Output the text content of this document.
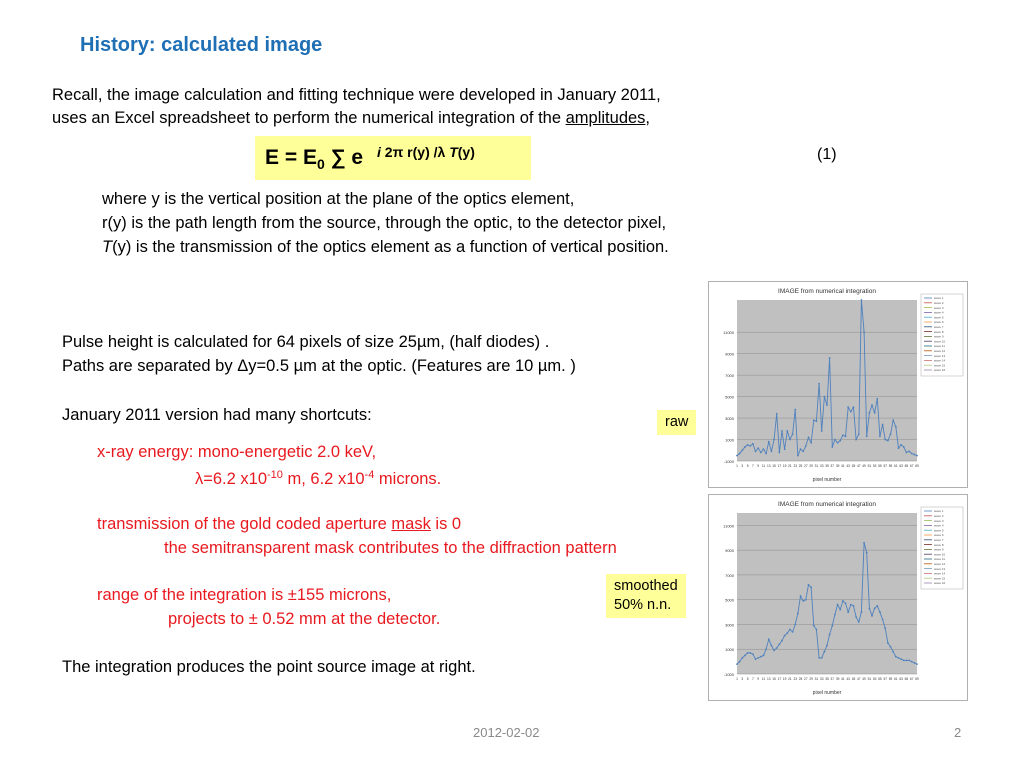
History: calculated image
Recall, the image calculation and fitting technique were developed in January 2011,
uses an Excel spreadsheet to perform the numerical integration of the amplitudes,
$E = E_0$ ∑ e i 2π r(y) /λ T(y)	(1)
where y is the vertical position at the plane of the optics element,
r(y) is the path length from the source, through the optic, to the detector pixel,
T(y) is the transmission of the optics element as a function of vertical position.
Pulse height is calculated for 64 pixels of size 25µm, (half diodes) .
Paths are separated by Δy=0.5 µm at the optic. (Features are 10 µm. )
January 2011 version had many shortcuts:
x-ray energy: mono-energetic 2.0 keV,
λ=6.2 $x10^{-10}$ m, 6.2 $x10^{-4}$ microns.
transmission of the gold coded aperture mask is 0
the semitransparent mask contributes to the diffraction pattern
range of the integration is ±155 microns,
projects to ± 0.52 mm at the detector.
The integration produces the point source image at right.
raw
smoothed
50% n.n.
IMAGE from numerical integration
-1000
1000
3000
5000
7000
9000
11000
1 3 5 7 9 11 13 15 17 19 21 23 25 27 29 31 33 35 37 39 41 43 45 47 49 51 53 55 57 59 61 63 65 67 69
pixel number
wave 1
wave 2
wave 3
wave 4
wave 5
wave 6
wave 7
wave 8
wave 9
wave 10
wave 11
wave 12
wave 13
wave 14
wave 15
wave 16
IMAGE from numerical integration
-1000
1000
3000
5000
7000
9000
11000
1 3 5 7 9 11 13 15 17 19 21 23 25 27 29 31 33 35 37 39 41 43 45 47 49 51 53 55 57 59 61 63 65 67 69
pixel number
wave 1
wave 2
wave 3
wave 4
wave 5
wave 6
wave 7
wave 8
wave 9
wave 10
wave 11
wave 12
wave 13
wave 14
wave 15
wave 16
2012-02-02	2
